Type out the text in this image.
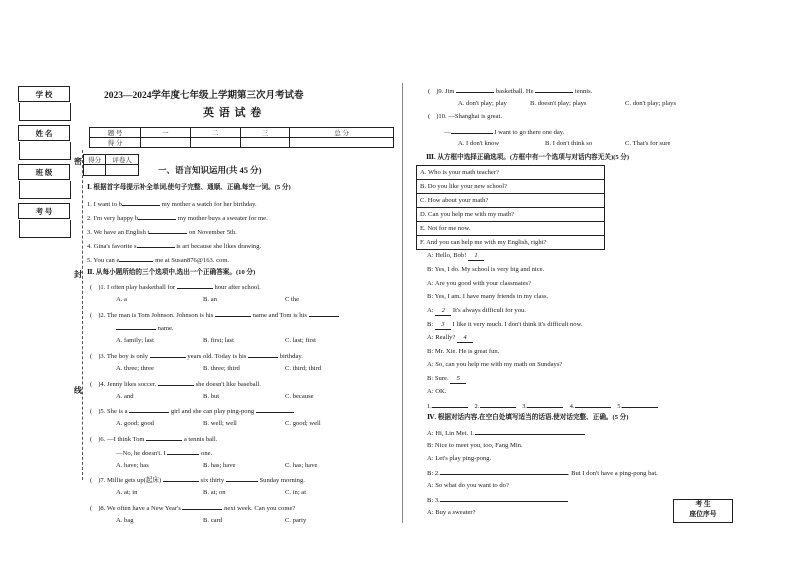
学 校
姓 名
班 级
考 号
密
封
线
2023—2024学年度七年级上学期第三次月考试卷
英 语 试 卷
题 号	一	二	三	总 分
得 分				
得分	评卷人

一、语言知识运用(共 45 分)
Ⅰ. 根据首字母提示补全单词,使句子完整、通顺、正确,每空一词。(5 分)
1. I want to b	my mother a watch for her birthday.
2. I'm very happy b	my mother buys a sweater for me.
3. We have an English t	on November 5th.
4. Gina's favorite s	is art because she likes drawing.
5. You can e	me at Susan876@163. com.
Ⅱ. 从每小题所给的三个选项中,选出一个正确答案。(10 分)
( )1. I often play basketball for	hour after school.
A. a	B. an	C the
( )2. The man is Tom Johnson. Johnson is his	name and Tom is his
name.
A. family; last	B. first; last	C. last; first
( )3. The boy is only	years old. Today is his	birthday.
A. three; three	B. three; third	C. third; third
( )4. Jenny likes soccer.	she doesn't like baseball.
A. and	B. but	C. because
( )5. She is a	girl and she can play ping-pong
A. good; good	B. well; well	C. good; well
( )6. —I think Tom	a tennis ball.
—No, he doesn't. I	one.
A. have; has	B. has; have	C. has; have
( )7. Millie gets up(起床)	six thirty	Sunday morning.
A. at; in	B. at; on	C. in; at
( )8. We often have a New Year's	next week. Can you come?
A. bag	B. card	C. party
( )9. Jim	basketball. He	tennis.
A. don't play; play	B. doesn't play; plays	C. don't play; plays
( )10. —Shanghai is great.
—	I want to go there one day.
A. I don't know	B. I don't think so	C. That's for sure
Ⅲ. 从方框中选择正确选项。(方框中有一个选项与对话内容无关)(5 分)
A. Who is your math teacher?
B. Do you like your new school?
C. How about your math?
D. Can you help me with my math?
E. Not for me now.
F. And you can help me with my English, right?
A: Hello, Bob! 1
B: Yes, I do. My school is very big and nice.
A: Are you good with your classmates?
B: Yes, I am. I have many friends in my class.
A: 2 It's always difficult for you.
B: 3 I like it very much. I don't think it's difficult now.
A: Really? 4
B: Mr. Xie. He is great fun.
A: So, can you help me with my math on Sundays?
B: Sure. 5
A: OK.
1.	2.	3.	4.	5.
Ⅳ. 根据对话内容,在空白处填写适当的话语,使对话完整、正确。(5 分)
A: Hi, Lin Mei. 1.
B: Nice to meet you, too, Fang Min.
A: Let's play ping-pong.
B: 2.	. But I don't have a ping-pong bat.
A: So what do you want to do?
B: 3.
A: Buy a sweater?
考 生
座位序号
